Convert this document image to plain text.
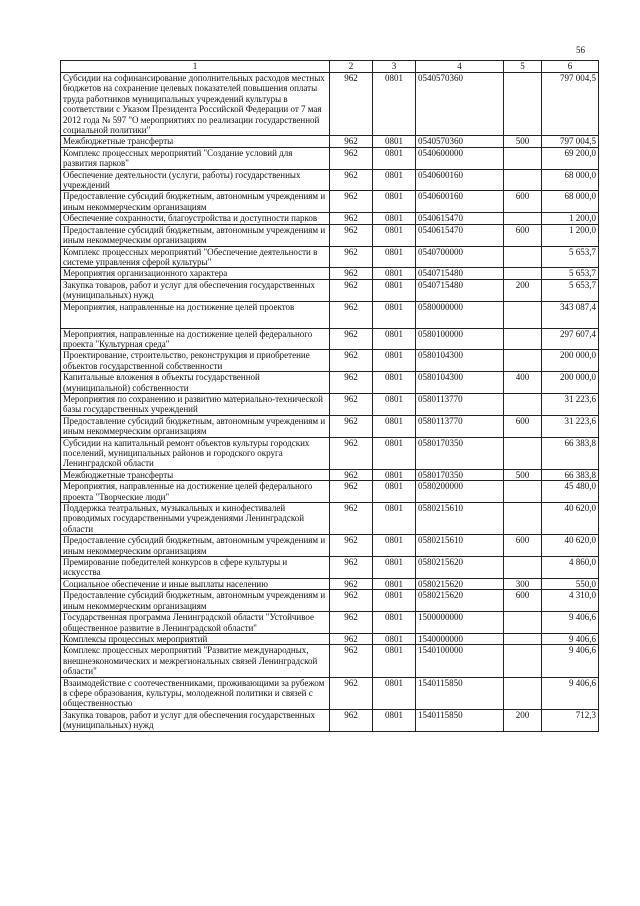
56
1	2	3	4	5	6
Субсидии на софинансирование дополнительных расходов местных бюджетов на сохранение целевых показателей повышения оплаты труда работников муниципальных учреждений культуры в соответствии с Указом Президента Российской Федерации от 7 мая 2012 года № 597 "О мероприятиях по реализации государственной социальной политики"	962	0801	0540570360		797 004,5
Межбюджетные трансферты	962	0801	0540570360	500	797 004,5
Комплекс процессных мероприятий "Создание условий для развития парков"	962	0801	0540600000		69 200,0
Обеспечение деятельности (услуги, работы) государственных учреждений	962	0801	0540600160		68 000,0
Предоставление субсидий бюджетным, автономным учреждениям и иным некоммерческим организациям	962	0801	0540600160	600	68 000,0
Обеспечение сохранности, благоустройства и доступности парков	962	0801	0540615470		1 200,0
Предоставление субсидий бюджетным, автономным учреждениям и иным некоммерческим организациям	962	0801	0540615470	600	1 200,0
Комплекс процессных мероприятий "Обеспечение деятельности в системе управления сферой культуры"	962	0801	0540700000		5 653,7
Мероприятия организационного характера	962	0801	0540715480		5 653,7
Закупка товаров, работ и услуг для обеспечения государственных (муниципальных) нужд	962	0801	0540715480	200	5 653,7
Мероприятия, направленные на достижение целей проектов	962	0801	0580000000		343 087,4
Мероприятия, направленные на достижение целей федерального проекта "Культурная среда"	962	0801	0580100000		297 607,4
Проектирование, строительство, реконструкция и приобретение объектов государственной собственности	962	0801	0580104300		200 000,0
Капитальные вложения в объекты государственной (муниципальной) собственности	962	0801	0580104300	400	200 000,0
Мероприятия по сохранению и развитию материально-технической базы государственных учреждений	962	0801	0580113770		31 223,6
Предоставление субсидий бюджетным, автономным учреждениям и иным некоммерческим организациям	962	0801	0580113770	600	31 223,6
Субсидии на капитальный ремонт объектов культуры городских поселений, муниципальных районов и городского округа Ленинградской области	962	0801	0580170350		66 383,8
Межбюджетные трансферты	962	0801	0580170350	500	66 383,8
Мероприятия, направленные на достижение целей федерального проекта "Творческие люди"	962	0801	0580200000		45 480,0
Поддержка театральных, музыкальных и кинофестивалей проводимых государственными учреждениями Ленинградской области	962	0801	0580215610		40 620,0
Предоставление субсидий бюджетным, автономным учреждениям и иным некоммерческим организациям	962	0801	0580215610	600	40 620,0
Премирование победителей конкурсов в сфере культуры и искусства	962	0801	0580215620		4 860,0
Социальное обеспечение и иные выплаты населению	962	0801	0580215620	300	550,0
Предоставление субсидий бюджетным, автономным учреждениям и иным некоммерческим организациям	962	0801	0580215620	600	4 310,0
Государственная программа Ленинградской области "Устойчивое общественное развитие в Ленинградской области"	962	0801	1500000000		9 406,6
Комплексы процессных мероприятий	962	0801	1540000000		9 406,6
Комплекс процессных мероприятий "Развитие международных, внешнеэкономических и межрегиональных связей Ленинградской области"	962	0801	1540100000		9 406,6
Взаимодействие с соотечественниками, проживающими за рубежом в сфере образования, культуры, молодежной политики и связей с общественностью	962	0801	1540115850		9 406,6
Закупка товаров, работ и услуг для обеспечения государственных (муниципальных) нужд	962	0801	1540115850	200	712,3
